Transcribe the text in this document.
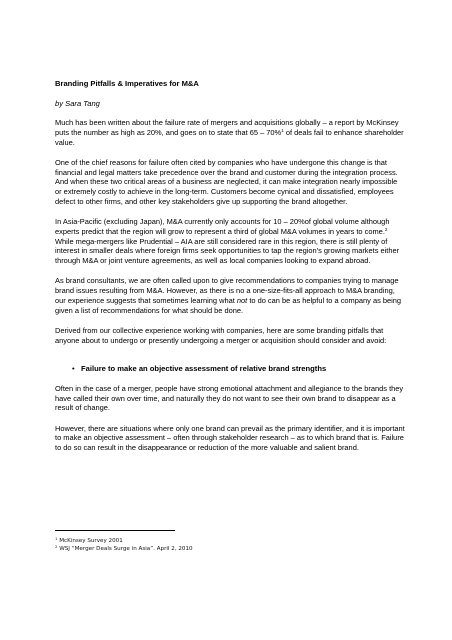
Branding Pitfalls & Imperatives for M&A
by Sara Tang

Much has been written about the failure rate of mergers and acquisitions globally – a report by McKinsey puts the number as high as 20%, and goes on to state that 65 – 70%$^1$ of deals fail to enhance shareholder value.

One of the chief reasons for failure often cited by companies who have undergone this change is that financial and legal matters take precedence over the brand and customer during the integration process. And when these two critical areas of a business are neglected, it can make integration nearly impossible or extremely costly to achieve in the long-term. Customers become cynical and dissatisfied, employees defect to other firms, and other key stakeholders give up supporting the brand altogether.

In Asia-Pacific (excluding Japan), M&A currently only accounts for 10 – 20%of global volume although experts predict that the region will grow to represent a third of global M&A volumes in years to come.$^2$ While mega-mergers like Prudential – AIA are still considered rare in this region, there is still plenty of interest in smaller deals where foreign firms seek opportunities to tap the region's growing markets either through M&A or joint venture agreements, as well as local companies looking to expand abroad.

As brand consultants, we are often called upon to give recommendations to companies trying to manage brand issues resulting from M&A. However, as there is no a one-size-fits-all approach to M&A branding, our experience suggests that sometimes learning what not to do can be as helpful to a company as being given a list of recommendations for what should be done.

Derived from our collective experience working with companies, here are some branding pitfalls that anyone about to undergo or presently undergoing a merger or acquisition should consider and avoid:

• Failure to make an objective assessment of relative brand strengths

Often in the case of a merger, people have strong emotional attachment and allegiance to the brands they have called their own over time, and naturally they do not want to see their own brand to disappear as a result of change.

However, there are situations where only one brand can prevail as the primary identifier, and it is important to make an objective assessment – often through stakeholder research – as to which brand that is. Failure to do so can result in the disappearance or reduction of the more valuable and salient brand.

$^1$ McKinsey Survey 2001
$^2$ WSJ “Merger Deals Surge in Asia”. April 2, 2010
